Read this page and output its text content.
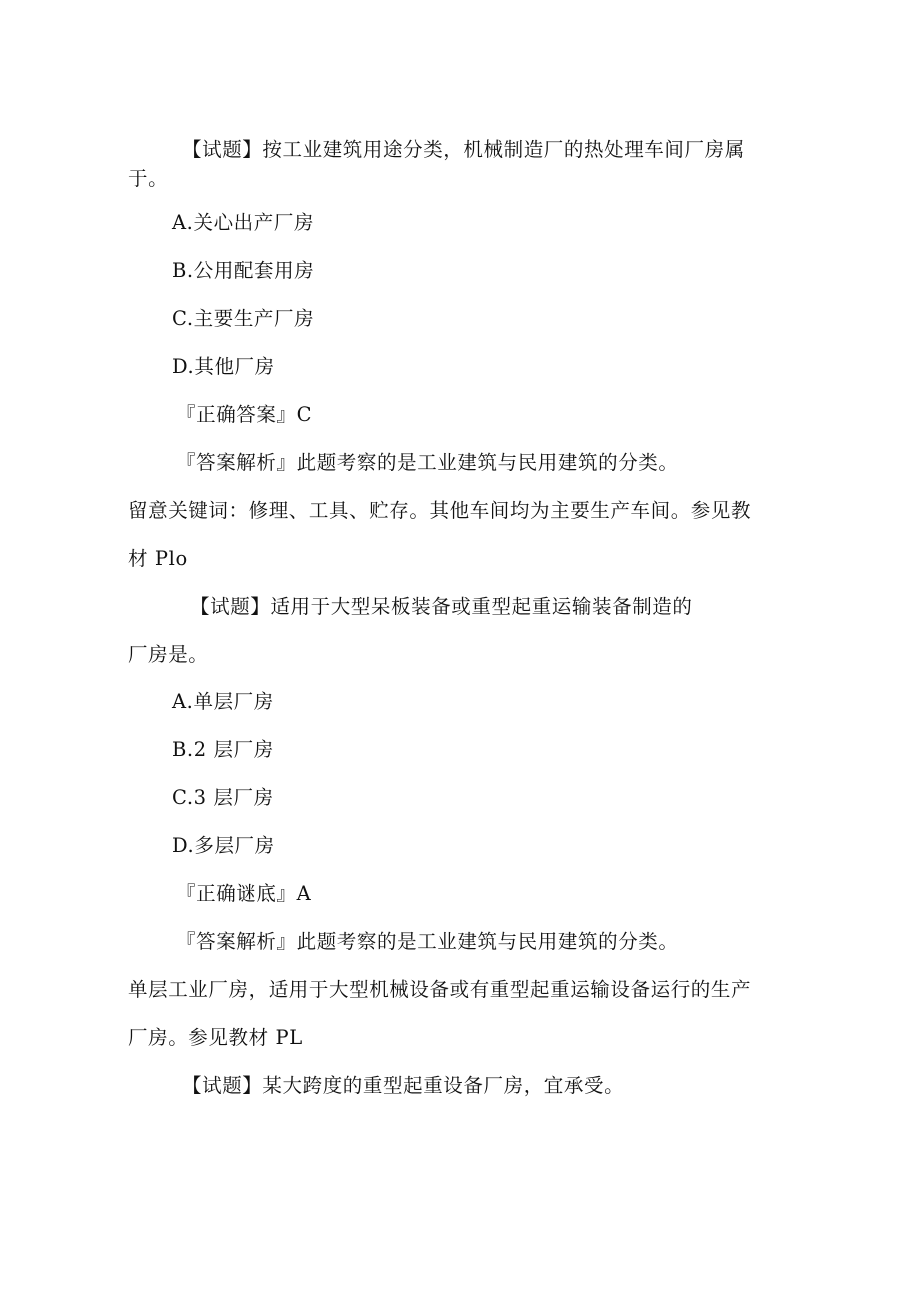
【试题】按工业建筑用途分类，机械制造厂的热处理车间厂房属
于。
A.关心出产厂房
B.公用配套用房
C.主要生产厂房
D.其他厂房
『正确答案』C
『答案解析』此题考察的是工业建筑与民用建筑的分类。
留意关键词：修理、工具、贮存。其他车间均为主要生产车间。参见教
材 Plo
【试题】适用于大型呆板装备或重型起重运输装备制造的
厂房是。
A.单层厂房
B.2 层厂房
C.3 层厂房
D.多层厂房
『正确谜底』A
『答案解析』此题考察的是工业建筑与民用建筑的分类。
单层工业厂房，适用于大型机械设备或有重型起重运输设备运行的生产
厂房。参见教材 PL
【试题】某大跨度的重型起重设备厂房，宜承受。
